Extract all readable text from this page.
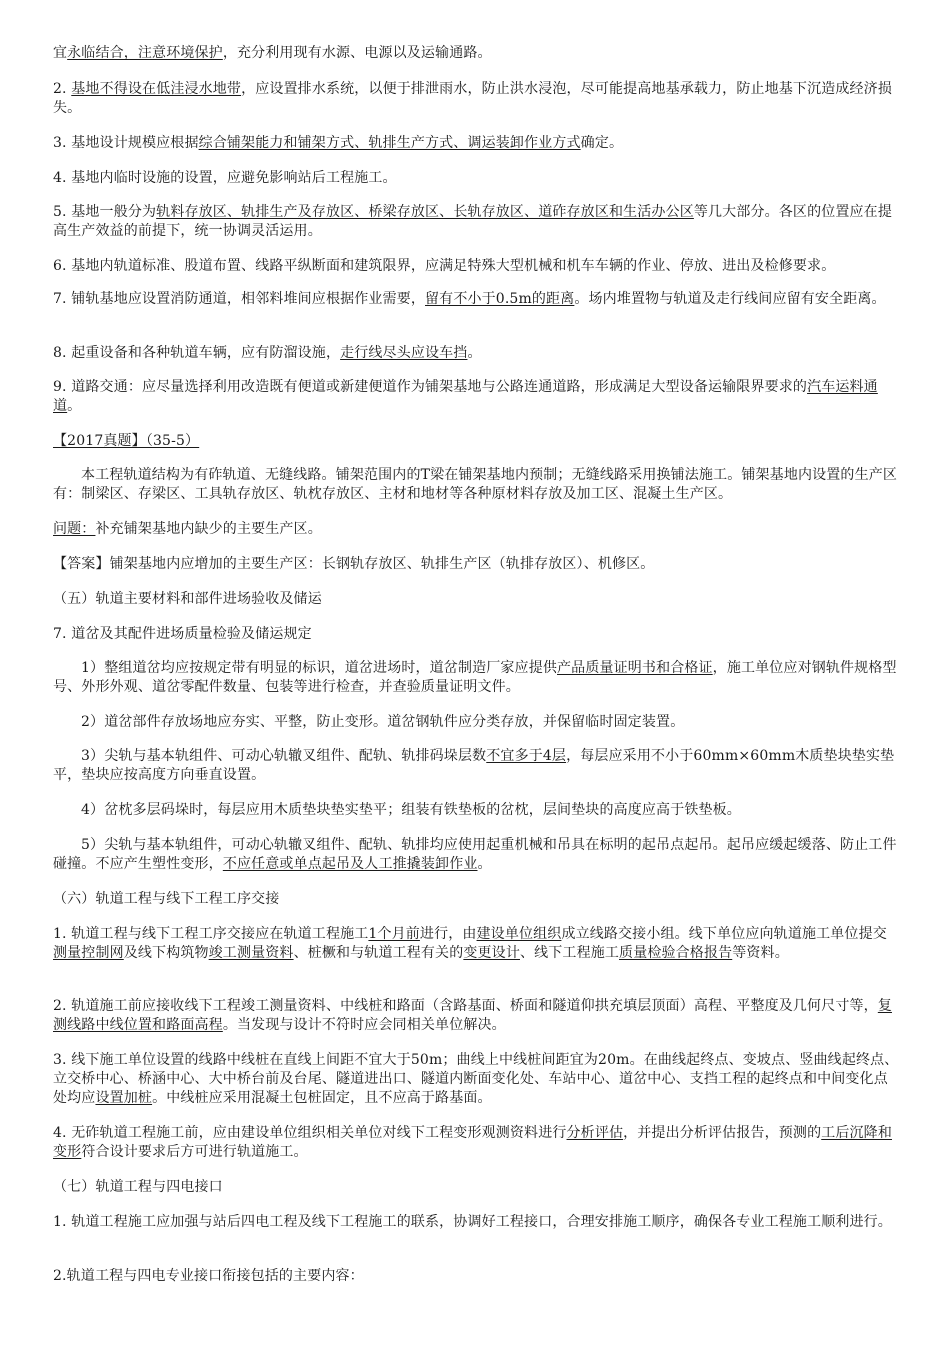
宜永临结合，注意环境保护，充分利用现有水源、电源以及运输通路。

2. 基地不得设在低洼浸水地带，应设置排水系统，以便于排泄雨水，防止洪水浸泡，尽可能提高地基承载力，防止地基下沉造成经济损失。

3. 基地设计规模应根据综合铺架能力和铺架方式、轨排生产方式、调运装卸作业方式确定。

4. 基地内临时设施的设置，应避免影响站后工程施工。

5. 基地一般分为轨料存放区、轨排生产及存放区、桥梁存放区、长轨存放区、道砟存放区和生活办公区等几大部分。各区的位置应在提高生产效益的前提下，统一协调灵活运用。

6. 基地内轨道标准、股道布置、线路平纵断面和建筑限界，应满足特殊大型机械和机车车辆的作业、停放、进出及检修要求。

7. 铺轨基地应设置消防通道，相邻料堆间应根据作业需要，留有不小于0.5m的距离。场内堆置物与轨道及走行线间应留有安全距离。

8. 起重设备和各种轨道车辆，应有防溜设施，走行线尽头应设车挡。

9. 道路交通：应尽量选择利用改造既有便道或新建便道作为铺架基地与公路连通道路，形成满足大型设备运输限界要求的汽车运料通道。

【2017真题】（35-5）

本工程轨道结构为有砟轨道、无缝线路。铺架范围内的T梁在铺架基地内预制；无缝线路采用换铺法施工。铺架基地内设置的生产区有：制梁区、存梁区、工具轨存放区、轨枕存放区、主材和地材等各种原材料存放及加工区、混凝土生产区。

问题：补充铺架基地内缺少的主要生产区。

【答案】铺架基地内应增加的主要生产区：长钢轨存放区、轨排生产区（轨排存放区）、机修区。

（五）轨道主要材料和部件进场验收及储运

7. 道岔及其配件进场质量检验及储运规定

1）整组道岔均应按规定带有明显的标识，道岔进场时，道岔制造厂家应提供产品质量证明书和合格证，施工单位应对钢轨件规格型号、外形外观、道岔零配件数量、包装等进行检查，并查验质量证明文件。

2）道岔部件存放场地应夯实、平整，防止变形。道岔钢轨件应分类存放，并保留临时固定装置。

3）尖轨与基本轨组件、可动心轨辙叉组件、配轨、轨排码垛层数不宜多于4层，每层应采用不小于60mm×60mm木质垫块垫实垫平，垫块应按高度方向垂直设置。

4）岔枕多层码垛时，每层应用木质垫块垫实垫平；组装有铁垫板的岔枕，层间垫块的高度应高于铁垫板。

5）尖轨与基本轨组件，可动心轨辙叉组件、配轨、轨排均应使用起重机械和吊具在标明的起吊点起吊。起吊应缓起缓落、防止工件碰撞。不应产生塑性变形，不应任意或单点起吊及人工推撬装卸作业。

（六）轨道工程与线下工程工序交接

1. 轨道工程与线下工程工序交接应在轨道工程施工1个月前进行，由建设单位组织成立线路交接小组。线下单位应向轨道施工单位提交测量控制网及线下构筑物竣工测量资料、桩橛和与轨道工程有关的变更设计、线下工程施工质量检验合格报告等资料。

2. 轨道施工前应接收线下工程竣工测量资料、中线桩和路面（含路基面、桥面和隧道仰拱充填层顶面）高程、平整度及几何尺寸等，复测线路中线位置和路面高程。当发现与设计不符时应会同相关单位解决。

3. 线下施工单位设置的线路中线桩在直线上间距不宜大于50m；曲线上中线桩间距宜为20m。在曲线起终点、变坡点、竖曲线起终点、立交桥中心、桥涵中心、大中桥台前及台尾、隧道进出口、隧道内断面变化处、车站中心、道岔中心、支挡工程的起终点和中间变化点处均应设置加桩。中线桩应采用混凝土包桩固定，且不应高于路基面。

4. 无砟轨道工程施工前，应由建设单位组织相关单位对线下工程变形观测资料进行分析评估，并提出分析评估报告，预测的工后沉降和变形符合设计要求后方可进行轨道施工。

（七）轨道工程与四电接口

1. 轨道工程施工应加强与站后四电工程及线下工程施工的联系，协调好工程接口，合理安排施工顺序，确保各专业工程施工顺利进行。

2.轨道工程与四电专业接口衔接包括的主要内容：
